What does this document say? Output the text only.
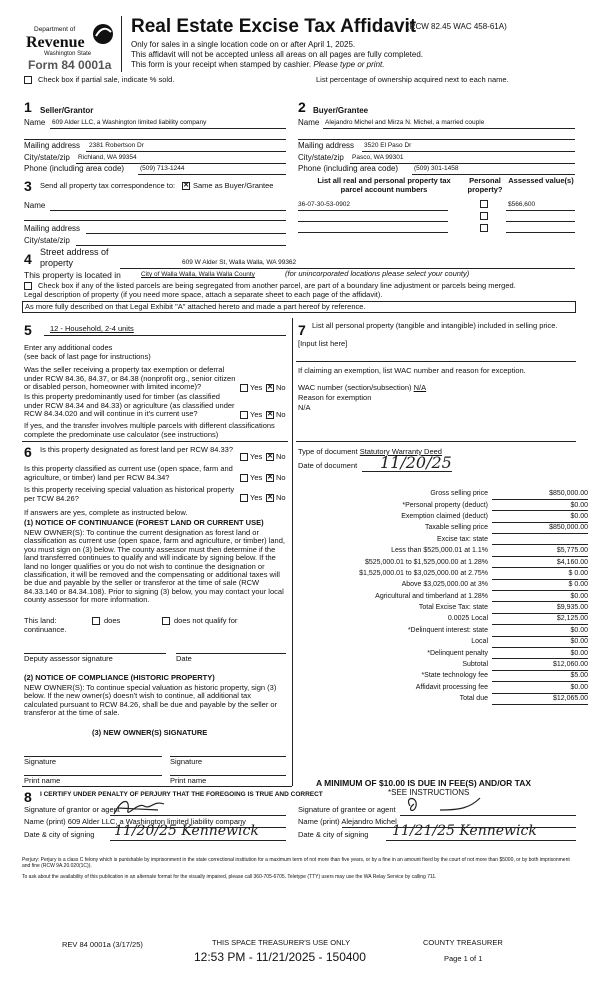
Department of
Revenue
Washington State
Form 84 0001a
Real Estate Excise Tax Affidavit
(RCW 82.45 WAC 458-61A)
Only for sales in a single location code on or after April 1, 2025.
This affidavit will not be accepted unless all areas on all pages are fully completed.
This form is your receipt when stamped by cashier. Please type or print.
Check box if partial sale, indicate % sold.	List percentage of ownership acquired next to each name.
1 Seller/Grantor
Name 609 Alder LLC, a Washington limited liability company
Mailing address 2381 Robertson Dr
City/state/zip Richland, WA 99354
Phone (including area code) (509) 713-1244
2 Buyer/Grantee
Name Alejandro Michel and Mirza N. Michel, a married couple
Mailing address 3520 El Paso Dr
City/state/zip Pasco, WA 99301
Phone (including area code) (509) 301-1458
3 Send all property tax correspondence to: ✕ Same as Buyer/Grantee
Name
Mailing address
City/state/zip
List all real and personal property tax parcel account numbers
Personal property?
Assessed value(s)
36-07-30-53-0902	$566,600
4 Street address of property	609 W Alder St, Walla Walla, WA 99362
This property is located in	City of Walla Walla, Walla Walla County	(for unincorporated locations please select your county)
Check box if any of the listed parcels are being segregated from another parcel, are part of a boundary line adjustment or parcels being merged.
Legal description of property (if you need more space, attach a separate sheet to each page of the affidavit).
As more fully described on that Legal Exhibit "A" attached hereto and made a part hereof by reference.
5 12 - Household, 2-4 units
Enter any additional codes
(see back of last page for instructions)
Was the seller receiving a property tax exemption or deferral under RCW 84.36, 84.37, or 84.38 (nonprofit org., senior citizen or disabled person, homeowner with limited income)?	Yes ✕ No
Is this property predominantly used for timber (as classified under RCW 84.34 and 84.33) or agriculture (as classified under RCW 84.34.020 and will continue in it's current use?	Yes ✕ No
If yes, and the transfer involves multiple parcels with different classifications complete the predominate use calculator (see instructions)
6 Is this property designated as forest land per RCW 84.33?
Yes ✕ No
Is this property classified as current use (open space, farm and agriculture, or timber) land per RCW 84.34?	Yes ✕ No
Is this property receiving special valuation as historical property per TCW 84.26?	Yes ✕ No
If answers are yes, complete as instructed below.
(1) NOTICE OF CONTINUANCE (FOREST LAND OR CURRENT USE)
NEW OWNER(S): To continue the current designation as forest land or classification as current use (open space, farm and agriculture, or timber) land, you must sign on (3) below. The county assessor must then determine if the land transferred continues to qualify and will indicate by signing below. If the land no longer qualifies or you do not wish to continue the designation or classification, it will be removed and the compensating or additional taxes will be due and payable by the seller or transferor at the time of sale (RCW 84.33.140 or 84.34.108). Prior to signing (3) below, you may contact your local county assessor for more information.
This land:	does	does not qualify for
continuance.
Deputy assessor signature	Date
(2) NOTICE OF COMPLIANCE (HISTORIC PROPERTY)
NEW OWNER(S): To continue special valuation as historic property, sign (3) below. If the new owner(s) doesn't wish to continue, all additional tax calculated pursuant to RCW 84.26, shall be due and payable by the seller or transferor at the time of sale.
(3) NEW OWNER(S) SIGNATURE
Signature	Signature
Print name	Print name
7 List all personal property (tangible and intangible) included in selling price.
[Input list here]
If claiming an exemption, list WAC number and reason for exception.
WAC number (section/subsection) N/A
Reason for exemption
N/A
Type of document Statutory Warranty Deed
Date of document 11/20/25
Gross selling price	$850,000.00
*Personal property (deduct)	$0.00
Exemption claimed (deduct)	$0.00
Taxable selling price	$850,000.00
Excise tax: state	
Less than $525,000.01 at 1.1%	$5,775.00
$525,000.01 to $1,525,000.00 at 1.28%	$4,160.00
$1,525,000.01 to $3,025,000.00 at 2.75%	$ 0.00
Above $3,025,000.00 at 3%	$ 0.00
Agricultural and timberland at 1.28%	$0.00
Total Excise Tax: state	$9,935.00
0.0025 Local	$2,125.00
*Delinquent interest: state	$0.00
Local	$0.00
*Delinquent penalty	$0.00
Subtotal	$12,060.00
*State technology fee	$5.00
Affidavit processing fee	$0.00
Total due	$12,065.00
A MINIMUM OF $10.00 IS DUE IN FEE(S) AND/OR TAX
*SEE INSTRUCTIONS
8 I CERTIFY UNDER PENALTY OF PERJURY THAT THE FOREGOING IS TRUE AND CORRECT
Signature of grantor or agent
Name (print) 609 Alder LLC, a Washington limited liability company
Date & city of signing 11/20/25 Kennewick
Signature of grantee or agent
Name (print) Alejandro Michel
Date & city of signing 11/21/25 Kennewick
Perjury: Perjury is a class C felony which is punishable by imprisonment in the state correctional institution for a maximum term of not more than five years, or by a fine in an amount fixed by the court of not more than $5000, or by both imprisonment and fine (RCW 9A.20.020(1C)).
To ask about the availability of this publication in an alternate format for the visually impaired, please call 360-705-6705. Teletype (TTY) users may use the WA Relay Service by calling 711.
REV 84 0001a (3/17/25)	THIS SPACE TREASURER'S USE ONLY
12:53 PM - 11/21/2025 - 150400
COUNTY TREASURER
Page 1 of 1
